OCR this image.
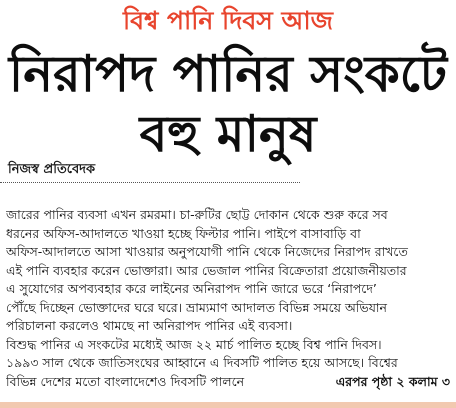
বিশ্ব পানি দিবস আজ
নিরাপদ পানির সংকটে
বহু মানুষ
নিজস্ব প্রতিবেদক
জারের পানির ব্যবসা এখন রমরমা। চা-রুটির ছোট্ট দোকান থেকে শুরু করে সব
ধরনের অফিস-আদালতে খাওয়া হচ্ছে ফিল্টার পানি। পাইপে বাসাবাড়ি বা
অফিস-আদালতে আসা খাওয়ার অনুপযোগী পানি থেকে নিজেদের নিরাপদ রাখতে
এই পানি ব্যবহার করেন ভোক্তারা। আর ভেজাল পানির বিক্রেতারা প্রয়োজনীয়তার
এ সুযোগের অপব্যবহার করে লাইনের অনিরাপদ পানি জারে ভরে ‘নিরাপদে’
পৌঁছে দিচ্ছেন ভোক্তাদের ঘরে ঘরে। ভ্রাম্যমাণ আদালত বিভিন্ন সময়ে অভিযান
পরিচালনা করলেও থামছে না অনিরাপদ পানির এই ব্যবসা।
বিশুদ্ধ পানির এ সংকটের মধ্যেই আজ ২২ মার্চ পালিত হচ্ছে বিশ্ব পানি দিবস।
১৯৯৩ সাল থেকে জাতিসংঘের আহ্বানে এ দিবসটি পালিত হয়ে আসছে। বিশ্বের
বিভিন্ন দেশের মতো বাংলাদেশেও দিবসটি পালনে	এরপর পৃষ্ঠা ২ কলাম ৩
